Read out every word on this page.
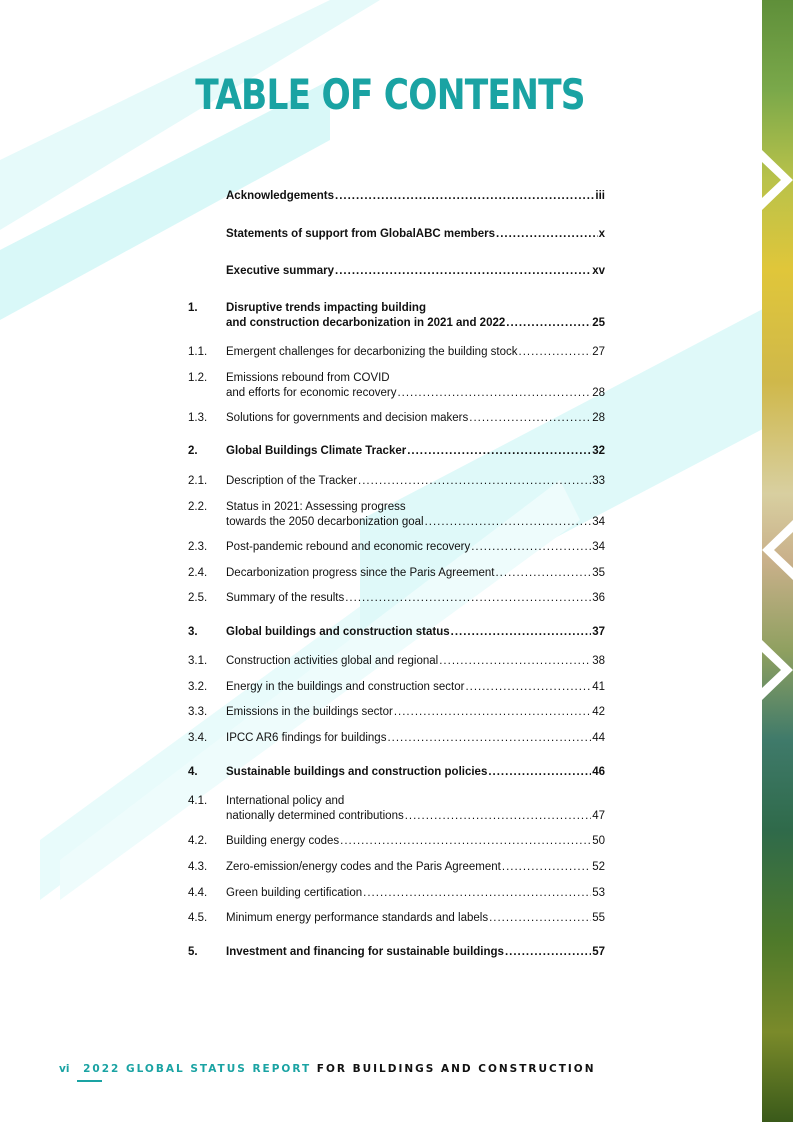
TABLE OF CONTENTS
Acknowledgements .....	iii
Statements of support from GlobalABC members .....	x
Executive summary .....	xv
1.	Disruptive trends impacting building
and construction decarbonization in 2021 and 2022 .....	25
1.1.	Emergent challenges for decarbonizing the building stock .....	27
1.2.	Emissions rebound from COVID
and efforts for economic recovery .....	28
1.3.	Solutions for governments and decision makers .....	28
2.	Global Buildings Climate Tracker .....	32
2.1.	Description of the Tracker .....	33
2.2.	Status in 2021: Assessing progress
towards the 2050 decarbonization goal .....	34
2.3.	Post-pandemic rebound and economic recovery .....	34
2.4.	Decarbonization progress since the Paris Agreement .....	35
2.5.	Summary of the results .....	36
3.	Global buildings and construction status .....	37
3.1.	Construction activities global and regional .....	38
3.2.	Energy in the buildings and construction sector .....	41
3.3.	Emissions in the buildings sector .....	42
3.4.	IPCC AR6 findings for buildings .....	44
4.	Sustainable buildings and construction policies .....	46
4.1.	International policy and
nationally determined contributions .....	47
4.2.	Building energy codes .....	50
4.3.	Zero-emission/energy codes and the Paris Agreement .....	52
4.4.	Green building certification .....	53
4.5.	Minimum energy performance standards and labels .....	55
5.	Investment and financing for sustainable buildings .....	57
vi 2022 GLOBAL STATUS REPORT FOR BUILDINGS AND CONSTRUCTION
